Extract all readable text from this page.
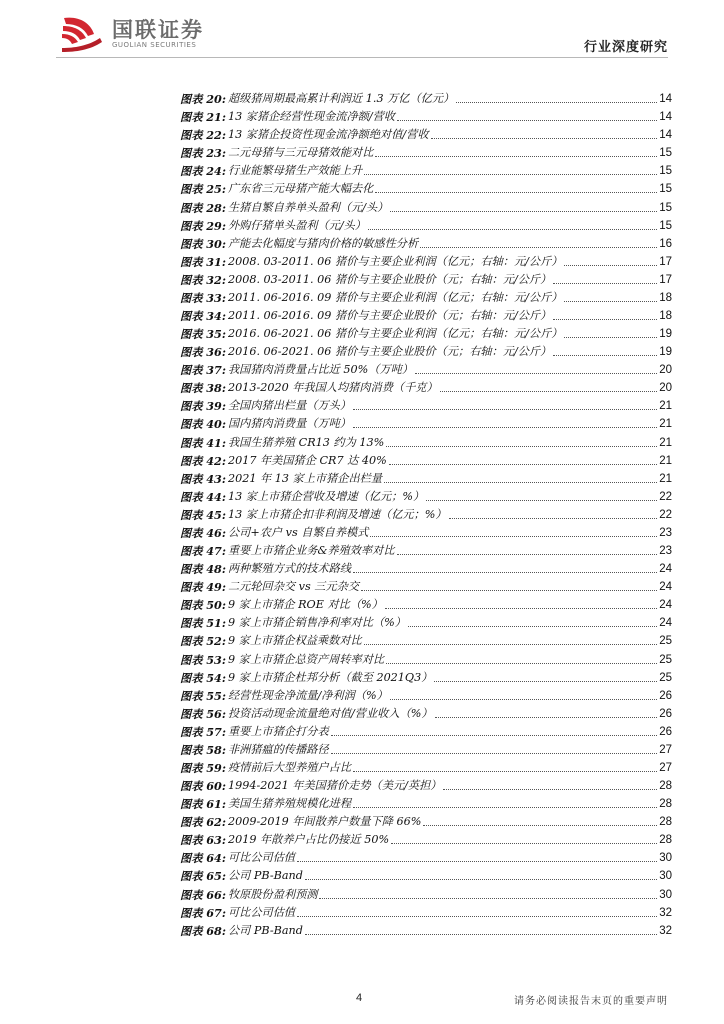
国联证券
GUOLIAN SECURITIES	行业深度研究
图表 20: 超级猪周期最高累计利润近 1.3 万亿（亿元）	14
图表 21: 13 家猪企经营性现金流净额/营收	14
图表 22: 13 家猪企投资性现金流净额绝对值/营收	14
图表 23: 二元母猪与三元母猪效能对比	15
图表 24: 行业能繁母猪生产效能上升	15
图表 25: 广东省三元母猪产能大幅去化	15
图表 28: 生猪自繁自养单头盈利（元/头）	15
图表 29: 外购仔猪单头盈利（元/头）	15
图表 30: 产能去化幅度与猪肉价格的敏感性分析	16
图表 31: 2008. 03-2011. 06 猪价与主要企业利润（亿元；右轴：元/公斤）	17
图表 32: 2008. 03-2011. 06 猪价与主要企业股价（元；右轴：元/公斤）	17
图表 33: 2011. 06-2016. 09 猪价与主要企业利润（亿元；右轴：元/公斤）	18
图表 34: 2011. 06-2016. 09 猪价与主要企业股价（元；右轴：元/公斤）	18
图表 35: 2016. 06-2021. 06 猪价与主要企业利润（亿元；右轴：元/公斤）	19
图表 36: 2016. 06-2021. 06 猪价与主要企业股价（元；右轴：元/公斤）	19
图表 37: 我国猪肉消费量占比近 50%（万吨）	20
图表 38: 2013-2020 年我国人均猪肉消费（千克）	20
图表 39: 全国肉猪出栏量（万头）	21
图表 40: 国内猪肉消费量（万吨）	21
图表 41: 我国生猪养殖 CR13 约为 13%	21
图表 42: 2017 年美国猪企 CR7 达 40%	21
图表 43: 2021 年 13 家上市猪企出栏量	21
图表 44: 13 家上市猪企营收及增速（亿元；%）	22
图表 45: 13 家上市猪企扣非利润及增速（亿元；%）	22
图表 46: 公司+农户 vs 自繁自养模式	23
图表 47: 重要上市猪企业务&养殖效率对比	23
图表 48: 两种繁殖方式的技术路线	24
图表 49: 二元轮回杂交 vs 三元杂交	24
图表 50: 9 家上市猪企 ROE 对比（%）	24
图表 51: 9 家上市猪企销售净利率对比（%）	24
图表 52: 9 家上市猪企权益乘数对比	25
图表 53: 9 家上市猪企总资产周转率对比	25
图表 54: 9 家上市猪企杜邦分析（截至 2021Q3）	25
图表 55: 经营性现金净流量/净利润（%）	26
图表 56: 投资活动现金流量绝对值/营业收入（%）	26
图表 57: 重要上市猪企打分表	26
图表 58: 非洲猪瘟的传播路径	27
图表 59: 疫情前后大型养殖户占比	27
图表 60: 1994-2021 年美国猪价走势（美元/英担）	28
图表 61: 美国生猪养殖规模化进程	28
图表 62: 2009-2019 年间散养户数量下降 66%	28
图表 63: 2019 年散养户占比仍接近 50%	28
图表 64: 可比公司估值	30
图表 65: 公司 PB-Band	30
图表 66: 牧原股份盈利预测	30
图表 67: 可比公司估值	32
图表 68: 公司 PB-Band	32
4	请务必阅读报告末页的重要声明
